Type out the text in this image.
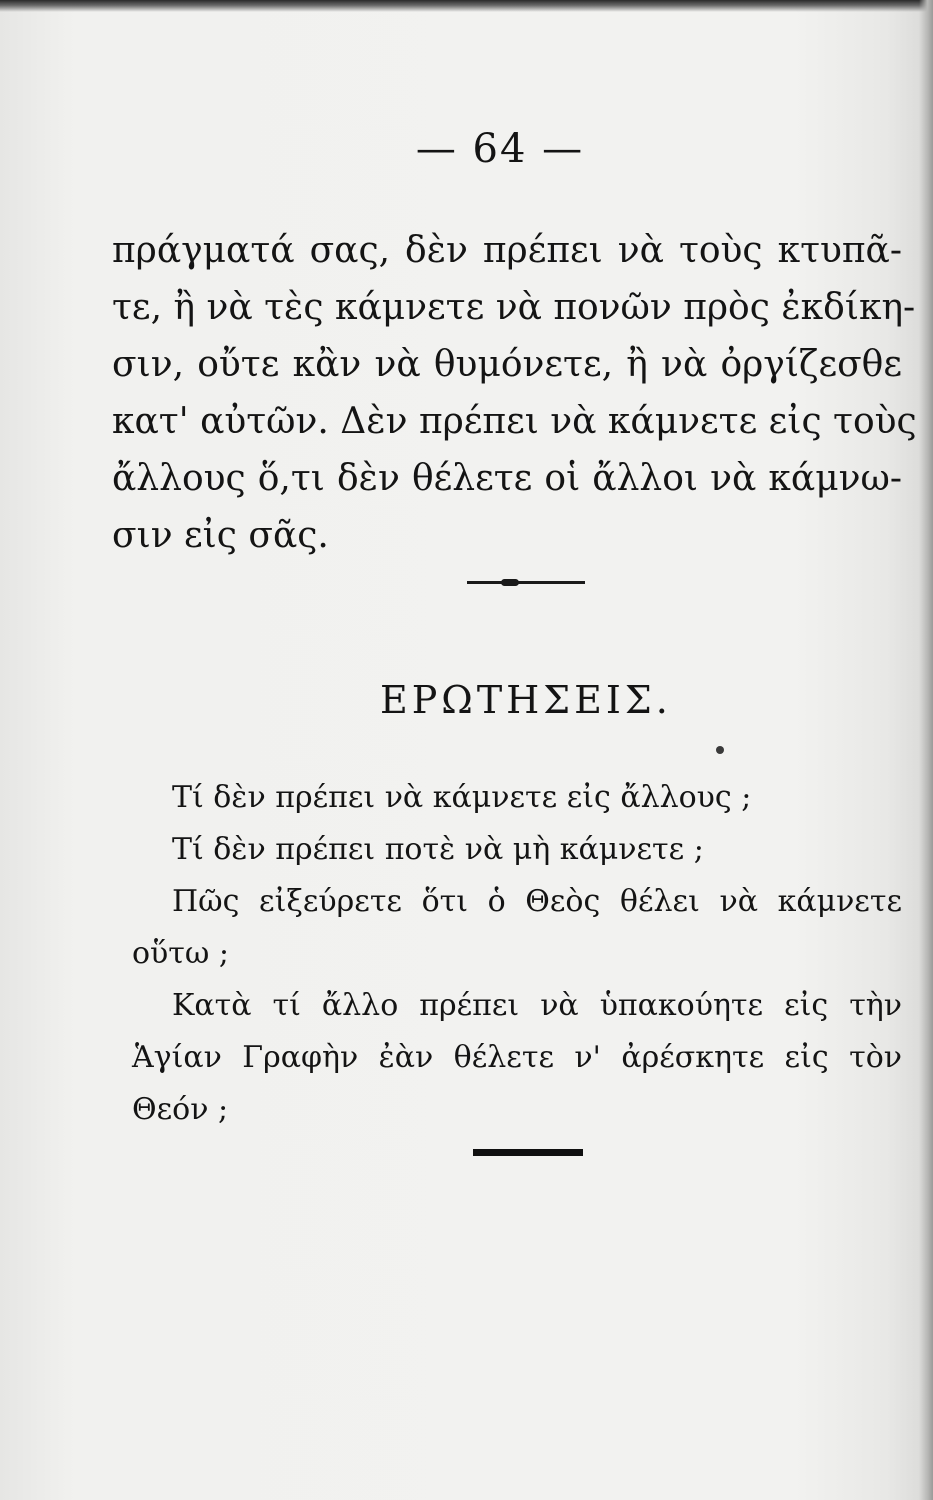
— 64 —
πράγματά σας, δὲν πρέπει νὰ τοὺς κτυπᾶ-
τε, ἢ νὰ τὲς κάμνετε νὰ πονῶν πρὸς ἐκδίκη-
σιν, οὔτε κἂν νὰ θυμόνετε, ἢ νὰ ὀργίζεσθε
κατ' αὐτῶν. Δὲν πρέπει νὰ κάμνετε εἰς τοὺς
ἄλλους ὅ,τι δὲν θέλετε οἱ ἄλλοι νὰ κάμνω-
σιν εἰς σᾶς.
ΕΡΩΤΗΣΕΙΣ.
Τί δὲν πρέπει νὰ κάμνετε εἰς ἄλλους ;
Τί δὲν πρέπει ποτὲ νὰ μὴ κάμνετε ;
Πῶς εἰξεύρετε ὅτι ὁ Θεὸς θέλει νὰ κάμνετε
οὕτω ;
Κατὰ τί ἄλλο πρέπει νὰ ὑπακούητε εἰς τὴν
Ἁγίαν Γραφὴν ἐὰν θέλετε ν' ἀρέσκητε εἰς τὸν
Θεόν ;
